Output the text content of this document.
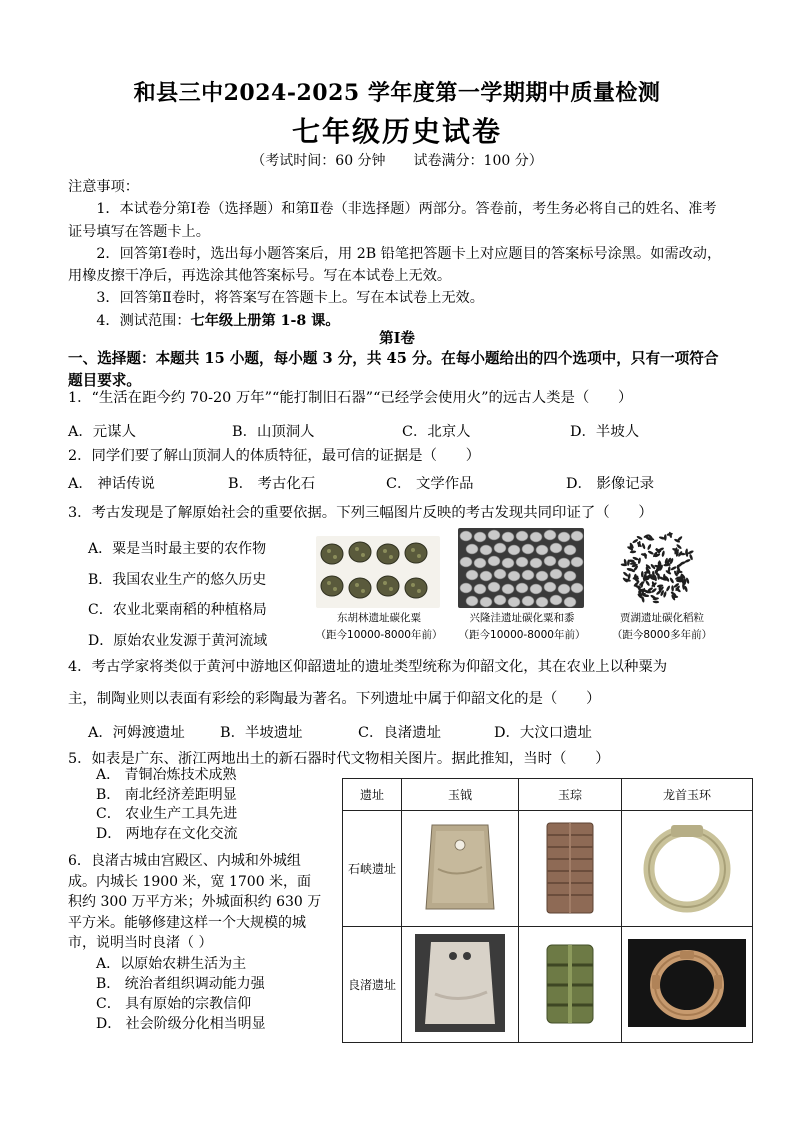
和县三中2024-2025 学年度第一学期期中质量检测
七年级历史试卷
（考试时间：60 分钟　　试卷满分：100 分）

注意事项：

1．本试卷分第Ⅰ卷（选择题）和第Ⅱ卷（非选择题）两部分。答卷前，考生务必将自己的姓名、准考证号填写在答题卡上。

2．回答第Ⅰ卷时，选出每小题答案后，用 2B 铅笔把答题卡上对应题目的答案标号涂黑。如需改动，用橡皮擦干净后，再选涂其他答案标号。写在本试卷上无效。

3．回答第Ⅱ卷时，将答案写在答题卡上。写在本试卷上无效。

4．测试范围：七年级上册第 1-8 课。

第Ⅰ卷
一、选择题：本题共 15 小题，每小题 3 分，共 45 分。在每小题给出的四个选项中，只有一项符合题目要求。
1．“生活在距今约 70-20 万年”“能打制旧石器”“已经学会使用火”的远古人类是（　　）
A．元谋人	B．山顶洞人	C．北京人	D．半坡人
2．同学们要了解山顶洞人的体质特征，最可信的证据是（　　）
A． 神话传说	B． 考古化石	C． 文学作品	D． 影像记录
3．考古发现是了解原始社会的重要依据。下列三幅图片反映的考古发现共同印证了（　　）
A．粟是当时最主要的农作物
B．我国农业生产的悠久历史
C．农业北粟南稻的种植格局
D．原始农业发源于黄河流域
东胡林遗址碳化粟
（距今10000-8000年前）
兴隆洼遗址碳化粟和黍
（距今10000-8000年前）
贾湖遗址碳化稻粒
（距今8000多年前）
4．考古学家将类似于黄河中游地区仰韶遗址的遗址类型统称为仰韶文化，其在农业上以种粟为
主，制陶业则以表面有彩绘的彩陶最为著名。下列遗址中属于仰韶文化的是（　　）
A．河姆渡遗址	B．半坡遗址	C．良渚遗址	D．大汶口遗址
5．如表是广东、浙江两地出土的新石器时代文物相关图片。据此推知，当时（　　）
A． 青铜冶炼技术成熟
B． 南北经济差距明显
C． 农业生产工具先进
D． 两地存在文化交流

6．良渚古城由宫殿区、内城和外城组成。内城长 1900 米，宽 1700 米，面积约 300 万平方米；外城面积约 630 万平方米。能够修建这样一个大规模的城市，说明当时良渚（ ）

A．以原始农耕生活为主
B． 统治者组织调动能力强
C． 具有原始的宗教信仰
D． 社会阶级分化相当明显
遗址	玉钺	玉琮	龙首玉环
石峡遗址			
良渚遗址			
